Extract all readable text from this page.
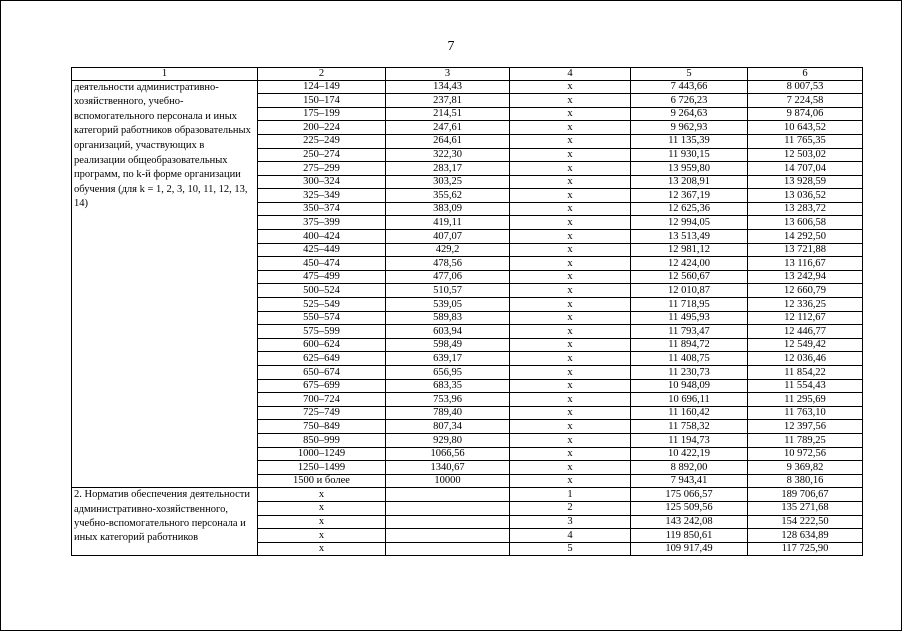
7
1	2	3	4	5	6
деятельности административно-хозяйственного, учебно-вспомогательного персонала и иных категорий работников образовательных организаций, участвующих в реализации общеобразовательных программ, по k-й форме организации обучения (для k = 1, 2, 3, 10, 11, 12, 13, 14)	124–149	134,43	х	7 443,66	8 007,53
	150–174	237,81	х	6 726,23	7 224,58
	175–199	214,51	х	9 264,63	9 874,06
	200–224	247,61	х	9 962,93	10 643,52
	225–249	264,61	х	11 135,39	11 765,35
	250–274	322,30	х	11 930,15	12 503,02
	275–299	283,17	х	13 959,80	14 707,04
	300–324	303,25	х	13 208,91	13 928,59
	325–349	355,62	х	12 367,19	13 036,52
	350–374	383,09	х	12 625,36	13 283,72
	375–399	419,11	х	12 994,05	13 606,58
	400–424	407,07	х	13 513,49	14 292,50
	425–449	429,2	х	12 981,12	13 721,88
	450–474	478,56	х	12 424,00	13 116,67
	475–499	477,06	х	12 560,67	13 242,94
	500–524	510,57	х	12 010,87	12 660,79
	525–549	539,05	х	11 718,95	12 336,25
	550–574	589,83	х	11 495,93	12 112,67
	575–599	603,94	х	11 793,47	12 446,77
	600–624	598,49	х	11 894,72	12 549,42
	625–649	639,17	х	11 408,75	12 036,46
	650–674	656,95	х	11 230,73	11 854,22
	675–699	683,35	х	10 948,09	11 554,43
	700–724	753,96	х	10 696,11	11 295,69
	725–749	789,40	х	11 160,42	11 763,10
	750–849	807,34	х	11 758,32	12 397,56
	850–999	929,80	х	11 194,73	11 789,25
	1000–1249	1066,56	х	10 422,19	10 972,56
	1250–1499	1340,67	х	8 892,00	9 369,82
	1500 и более	10000	х	7 943,41	8 380,16
2. Норматив обеспечения деятельности административно-хозяйственного, учебно-вспомогательного персонала и иных категорий работников	х		1	175 066,57	189 706,67
	х		2	125 509,56	135 271,68
	х		3	143 242,08	154 222,50
	х		4	119 850,61	128 634,89
	х		5	109 917,49	117 725,90
